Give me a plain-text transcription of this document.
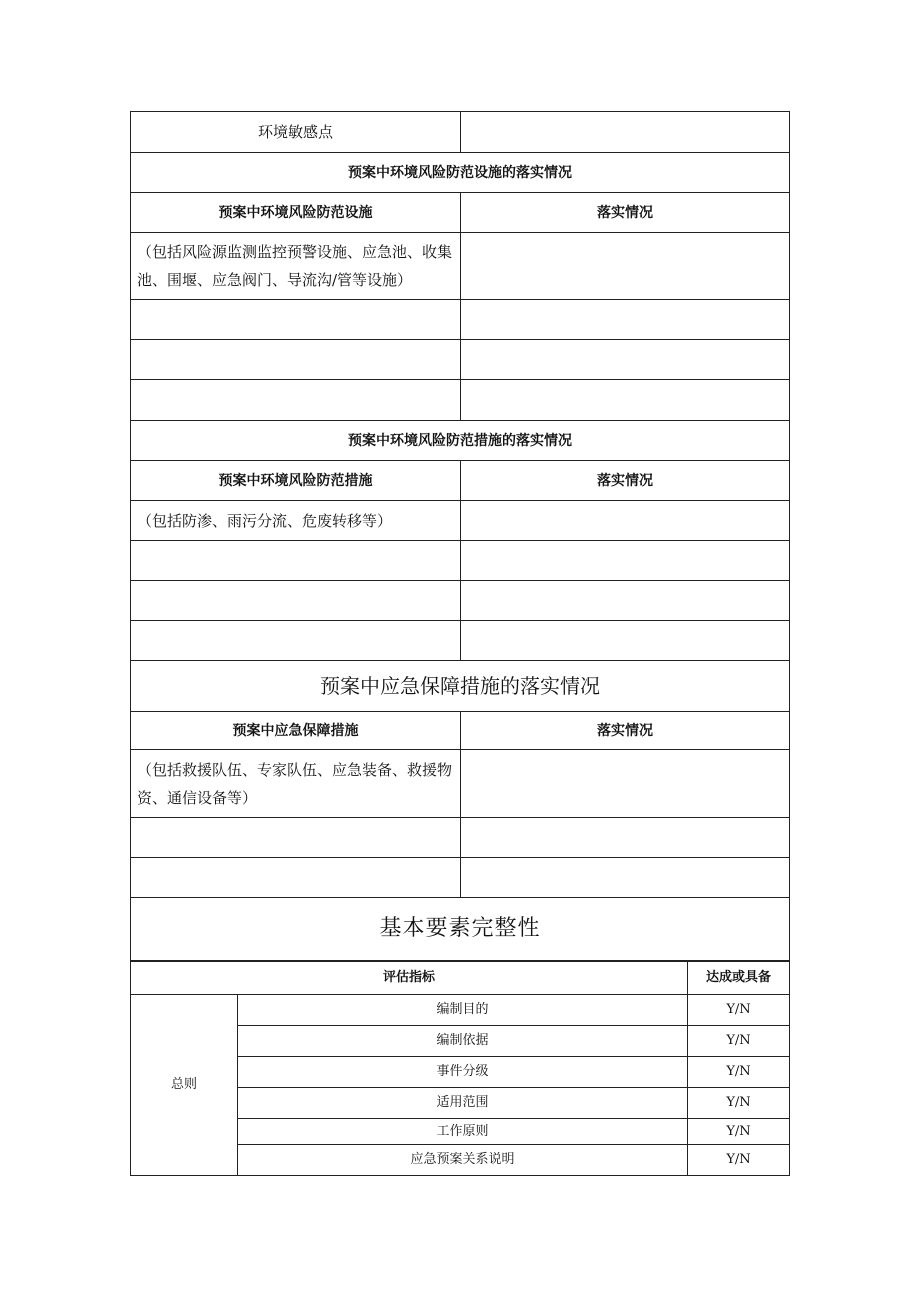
环境敏感点	
预案中环境风险防范设施的落实情况	
预案中环境风险防范设施	落实情况
（包括风险源监测监控预警设施、应急池、收集池、围堰、应急阀门、导流沟/管等设施）	

预案中环境风险防范措施的落实情况	
预案中环境风险防范措施	落实情况
（包括防渗、雨污分流、危废转移等）	

预案中应急保障措施的落实情况	
预案中应急保障措施	落实情况
（包括救援队伍、专家队伍、应急装备、救援物资、通信设备等）	

基本要素完整性	
评估指标		达成或具备
总则	编制目的	Y/N
	编制依据	Y/N
	事件分级	Y/N
	适用范围	Y/N
	工作原则	Y/N
	应急预案关系说明	Y/N
